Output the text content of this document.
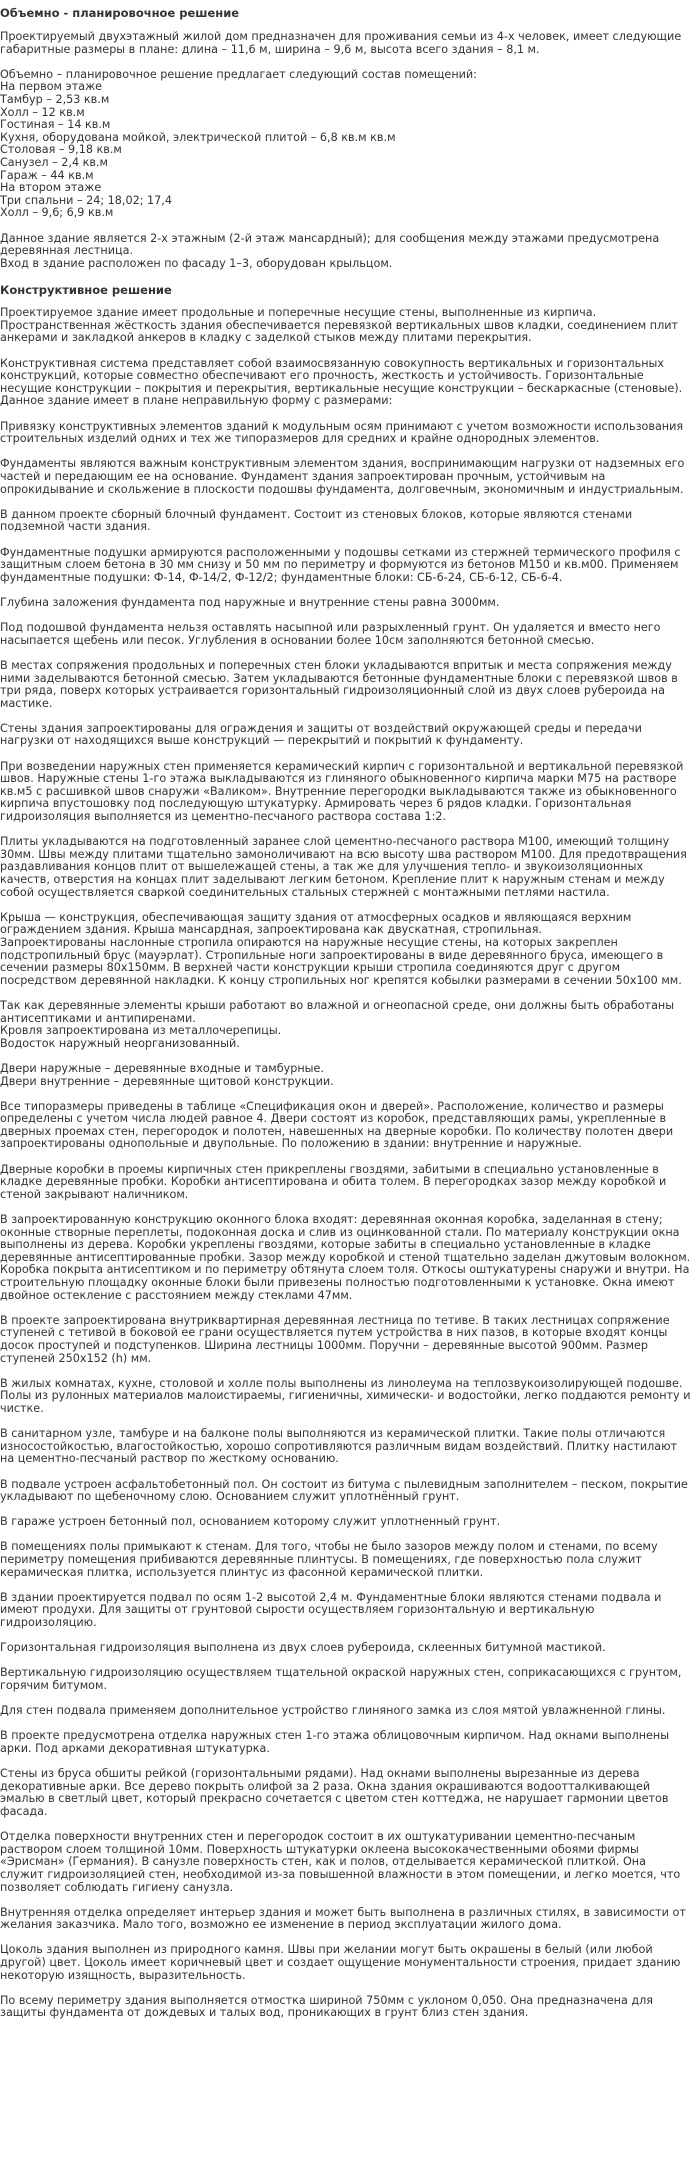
Объемно - планировочное решение

Проектируемый двухэтажный жилой дом предназначен для проживания семьи из 4-х человек, имеет следующие габаритные размеры в плане: длина – 11,6 м, ширина – 9,6 м, высота всего здания – 8,1 м.

Объемно – планировочное решение предлагает следующий состав помещений:
На первом этаже
Тамбур – 2,53 кв.м
Холл – 12 кв.м
Гостиная – 14 кв.м
Кухня, оборудована мойкой, электрической плитой – 6,8 кв.м кв.м
Столовая – 9,18 кв.м
Санузел – 2,4 кв.м
Гараж – 44 кв.м
На втором этаже
Три спальни – 24; 18,02; 17,4
Холл – 9,6; 6,9 кв.м

Данное здание является 2-х этажным (2-й этаж мансардный); для сообщения между этажами предусмотрена деревянная лестница.
Вход в здание расположен по фасаду 1–3, оборудован крыльцом.

Конструктивное решение

Проектируемое здание имеет продольные и поперечные несущие стены, выполненные из кирпича. Пространственная жёсткость здания обеспечивается перевязкой вертикальных швов кладки, соединением плит анкерами и закладкой анкеров в кладку с заделкой стыков между плитами перекрытия.

Конструктивная система представляет собой взаимосвязанную совокупность вертикальных и горизонтальных конструкций, которые совместно обеспечивают его прочность, жесткость и устойчивость. Горизонтальные несущие конструкции – покрытия и перекрытия, вертикальные несущие конструкции – бескаркасные (стеновые).
Данное здание имеет в плане неправильную форму с размерами:

Привязку конструктивных элементов зданий к модульным осям принимают с учетом возможности использования строительных изделий одних и тех же типоразмеров для средних и крайне однородных элементов.

Фундаменты являются важным конструктивным элементом здания, воспринимающим нагрузки от надземных его частей и передающим ее на основание. Фундамент здания запроектирован прочным, устойчивым на опрокидывание и скольжение в плоскости подошвы фундамента, долговечным, экономичным и индустриальным.

В данном проекте сборный блочный фундамент. Состоит из стеновых блоков, которые являются стенами подземной части здания.

Фундаментные подушки армируются расположенными у подошвы сетками из стержней термического профиля с защитным слоем бетона в 30 мм снизу и 50 мм по периметру и формуются из бетонов М150 и кв.м00. Применяем фундаментные подушки: Ф-14, Ф-14/2, Ф-12/2; фундаментные блоки: СБ-6-24, СБ-6-12, СБ-6-4.

Глубина заложения фундамента под наружные и внутренние стены равна 3000мм.

Под подошвой фундамента нельзя оставлять насыпной или разрыхленный грунт. Он удаляется и вместо него насыпается щебень или песок. Углубления в основании более 10см заполняются бетонной смесью.

В местах сопряжения продольных и поперечных стен блоки укладываются впритык и места сопряжения между ними заделываются бетонной смесью. Затем укладываются бетонные фундаментные блоки с перевязкой швов в три ряда, поверх которых устраивается горизонтальный гидроизоляционный слой из двух слоев рубероида на мастике.

Стены здания запроектированы для ограждения и защиты от воздействий окружающей среды и передачи нагрузки от находящихся выше конструкций — перекрытий и покрытий к фундаменту.

При возведении наружных стен применяется керамический кирпич с горизонтальной и вертикальной перевязкой швов. Наружные стены 1-го этажа выкладываются из глиняного обыкновенного кирпича марки М75 на растворе кв.м5 с расшивкой швов снаружи «Валиком». Внутренние перегородки выкладываются также из обыкновенного кирпича впустошовку под последующую штукатурку. Армировать через 6 рядов кладки. Горизонтальная гидроизоляция выполняется из цементно-песчаного раствора состава 1:2.

Плиты укладываются на подготовленный заранее слой цементно-песчаного раствора М100, имеющий толщину 30мм. Швы между плитами тщательно замоноличивают на всю высоту шва раствором М100. Для предотвращения раздавливания концов плит от вышележащей стены, а так же для улучшения тепло- и звукоизоляционных качеств, отверстия на концах плит заделывают легким бетоном. Крепление плит к наружным стенам и между собой осуществляется сваркой соединительных стальных стержней с монтажными петлями настила.

Крыша — конструкция, обеспечивающая защиту здания от атмосферных осадков и являющаяся верхним ограждением здания. Крыша мансардная, запроектирована как двускатная, стропильная.
Запроектированы наслонные стропила опираются на наружные несущие стены, на которых закреплен подстропильный брус (мауэрлат). Стропильные ноги запроектированы в виде деревянного бруса, имеющего в сечении размеры 80х150мм. В верхней части конструкции крыши стропила соединяются друг с другом посредством деревянной накладки. К концу стропильных ног крепятся кобылки размерами в сечении 50х100 мм.

Так как деревянные элементы крыши работают во влажной и огнеопасной среде, они должны быть обработаны антисептиками и антипиренами.
Кровля запроектирована из металлочерепицы.
Водосток наружный неорганизованный.

Двери наружные – деревянные входные и тамбурные.
Двери внутренние – деревянные щитовой конструкции.

Все типоразмеры приведены в таблице «Спецификация окон и дверей». Расположение, количество и размеры определены с учетом числа людей равное 4. Двери состоят из коробок, представляющих рамы, укрепленные в дверных проемах стен, перегородок и полотен, навешенных на дверные коробки. По количеству полотен двери запроектированы однопольные и двупольные. По положению в здании: внутренние и наружные.

Дверные коробки в проемы кирпичных стен прикреплены гвоздями, забитыми в специально установленные в кладке деревянные пробки. Коробки антисептирована и обита толем. В перегородках зазор между коробкой и стеной закрывают наличником.

В запроектированную конструкцию оконного блока входят: деревянная оконная коробка, заделанная в стену; оконные створные переплеты, подоконная доска и слив из оцинкованной стали. По материалу конструкции окна выполнены из дерева. Коробки укреплены гвоздями, которые забиты в специально установленные в кладке деревянные антисептированные пробки. Зазор между коробкой и стеной тщательно заделан джутовым волокном. Коробка покрыта антисептиком и по периметру обтянута слоем толя. Откосы оштукатурены снаружи и внутри. На строительную площадку оконные блоки были привезены полностью подготовленными к установке. Окна имеют двойное остекление с расстоянием между стеклами 47мм.

В проекте запроектирована внутриквартирная деревянная лестница по тетиве. В таких лестницах сопряжение ступеней с тетивой в боковой ее грани осуществляется путем устройства в них пазов, в которые входят концы досок проступей и подступенков. Ширина лестницы 1000мм. Поручни – деревянные высотой 900мм. Размер ступеней 250х152 (h) мм.

В жилых комнатах, кухне, столовой и холле полы выполнены из линолеума на теплозвукоизолирующей подошве. Полы из рулонных материалов малоистираемы, гигиеничны, химически- и водостойки, легко поддаются ремонту и чистке.

В санитарном узле, тамбуре и на балконе полы выполняются из керамической плитки. Такие полы отличаются износостойкостью, влагостойкостью, хорошо сопротивляются различным видам воздействий. Плитку настилают на цементно-песчаный раствор по жесткому основанию.

В подвале устроен асфальтобетонный пол. Он состоит из битума с пылевидным заполнителем – песком, покрытие укладывают по щебеночному слою. Основанием служит уплотнённый грунт.

В гараже устроен бетонный пол, основанием которому служит уплотненный грунт.

В помещениях полы примыкают к стенам. Для того, чтобы не было зазоров между полом и стенами, по всему периметру помещения прибиваются деревянные плинтусы. В помещениях, где поверхностью пола служит керамическая плитка, используется плинтус из фасонной керамической плитки.

В здании проектируется подвал по осям 1-2 высотой 2,4 м. Фундаментные блоки являются стенами подвала и имеют продухи. Для защиты от грунтовой сырости осуществляем горизонтальную и вертикальную гидроизоляцию.

Горизонтальная гидроизоляция выполнена из двух слоев рубероида, склеенных битумной мастикой.

Вертикальную гидроизоляцию осуществляем тщательной окраской наружных стен, соприкасающихся с грунтом, горячим битумом.

Для стен подвала применяем дополнительное устройство глиняного замка из слоя мятой увлажненной глины.

В проекте предусмотрена отделка наружных стен 1-го этажа облицовочным кирпичом. Над окнами выполнены арки. Под арками декоративная штукатурка.

Стены из бруса обшиты рейкой (горизонтальными рядами). Над окнами выполнены вырезанные из дерева декоративные арки. Все дерево покрыть олифой за 2 раза. Окна здания окрашиваются водоотталкивающей эмалью в светлый цвет, который прекрасно сочетается с цветом стен коттеджа, не нарушает гармонии цветов фасада.

Отделка поверхности внутренних стен и перегородок состоит в их оштукатуривании цементно-песчаным раствором слоем толщиной 10мм. Поверхность штукатурки оклеена высококачественными обоями фирмы «Эрисман» (Германия). В санузле поверхность стен, как и полов, отделывается керамической плиткой. Она служит гидроизоляцией стен, необходимой из-за повышенной влажности в этом помещении, и легко моется, что позволяет соблюдать гигиену санузла.

Внутренняя отделка определяет интерьер здания и может быть выполнена в различных стилях, в зависимости от желания заказчика. Мало того, возможно ее изменение в период эксплуатации жилого дома.

Цоколь здания выполнен из природного камня. Швы при желании могут быть окрашены в белый (или любой другой) цвет. Цоколь имеет коричневый цвет и создает ощущение монументальности строения, придает зданию некоторую изящность, выразительность.

По всему периметру здания выполняется отмостка шириной 750мм с уклоном 0,050. Она предназначена для защиты фундамента от дождевых и талых вод, проникающих в грунт близ стен здания.
